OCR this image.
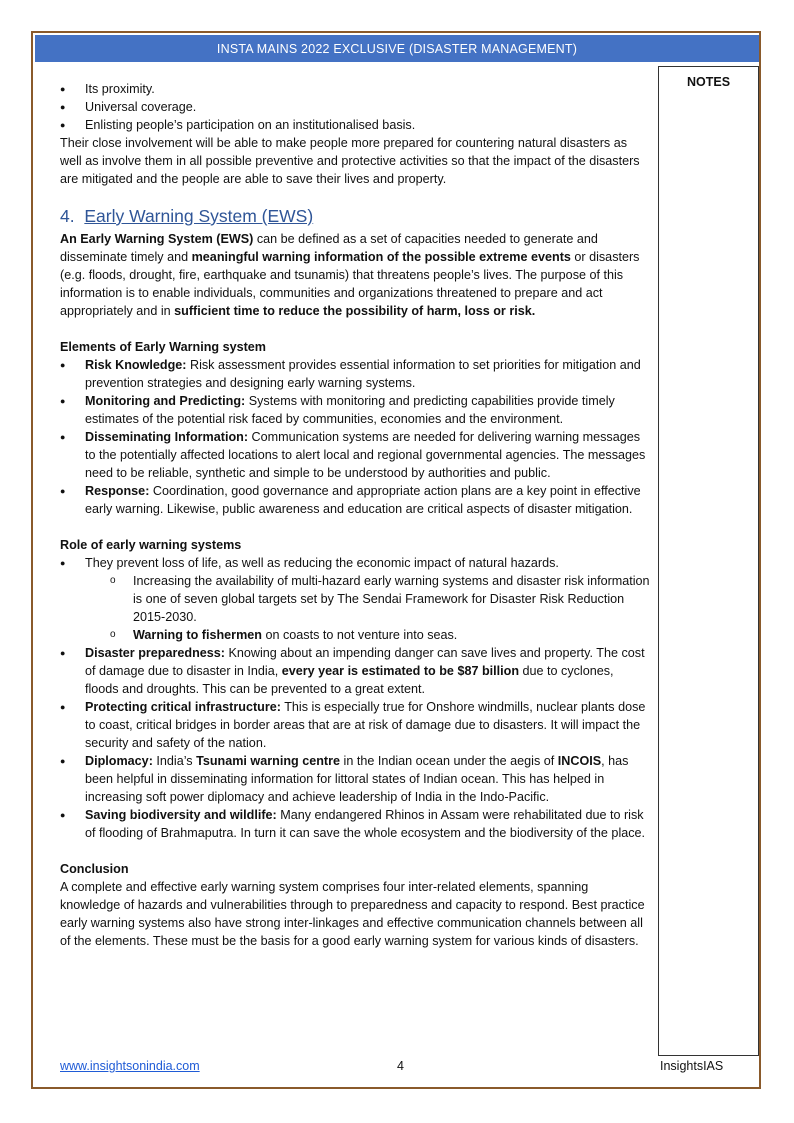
INSTA MAINS 2022 EXCLUSIVE (DISASTER MANAGEMENT)
NOTES
● Its proximity.
● Universal coverage.
● Enlisting people’s participation on an institutionalised basis.

Their close involvement will be able to make people more prepared for countering natural disasters as well as involve them in all possible preventive and protective activities so that the impact of the disasters are mitigated and the people are able to save their lives and property.

4. Early Warning System (EWS)

An Early Warning System (EWS) can be defined as a set of capacities needed to generate and disseminate timely and meaningful warning information of the possible extreme events or disasters (e.g. floods, drought, fire, earthquake and tsunamis) that threatens people’s lives. The purpose of this information is to enable individuals, communities and organizations threatened to prepare and act appropriately and in sufficient time to reduce the possibility of harm, loss or risk.

Elements of Early Warning system

● Risk Knowledge: Risk assessment provides essential information to set priorities for mitigation and prevention strategies and designing early warning systems.
● Monitoring and Predicting: Systems with monitoring and predicting capabilities provide timely estimates of the potential risk faced by communities, economies and the environment.
● Disseminating Information: Communication systems are needed for delivering warning messages to the potentially affected locations to alert local and regional governmental agencies. The messages need to be reliable, synthetic and simple to be understood by authorities and public.
● Response: Coordination, good governance and appropriate action plans are a key point in effective early warning. Likewise, public awareness and education are critical aspects of disaster mitigation.

Role of early warning systems

● They prevent loss of life, as well as reducing the economic impact of natural hazards.
o Increasing the availability of multi-hazard early warning systems and disaster risk information is one of seven global targets set by The Sendai Framework for Disaster Risk Reduction 2015-2030.
o Warning to fishermen on coasts to not venture into seas.
● Disaster preparedness: Knowing about an impending danger can save lives and property. The cost of damage due to disaster in India, every year is estimated to be $87 billion due to cyclones, floods and droughts. This can be prevented to a great extent.
● Protecting critical infrastructure: This is especially true for Onshore windmills, nuclear plants dose to coast, critical bridges in border areas that are at risk of damage due to disasters. It will impact the security and safety of the nation.
● Diplomacy: India’s Tsunami warning centre in the Indian ocean under the aegis of INCOIS, has been helpful in disseminating information for littoral states of Indian ocean. This has helped in increasing soft power diplomacy and achieve leadership of India in the Indo-Pacific.
● Saving biodiversity and wildlife: Many endangered Rhinos in Assam were rehabilitated due to risk of flooding of Brahmaputra. In turn it can save the whole ecosystem and the biodiversity of the place.

Conclusion

A complete and effective early warning system comprises four inter-related elements, spanning knowledge of hazards and vulnerabilities through to preparedness and capacity to respond. Best practice early warning systems also have strong inter-linkages and effective communication channels between all of the elements. These must be the basis for a good early warning system for various kinds of disasters.

www.insightsonindia.com	4	InsightsIAS
